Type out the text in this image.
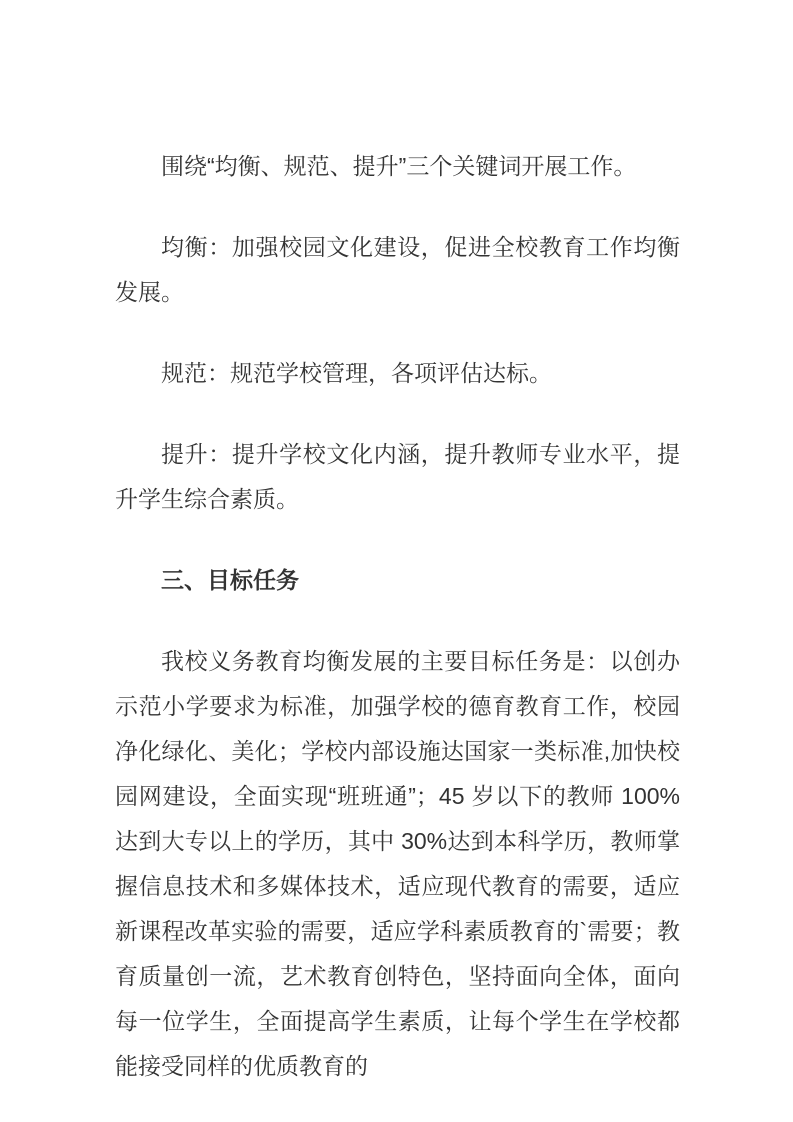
围绕“均衡、规范、提升”三个关键词开展工作。

均衡：加强校园文化建设，促进全校教育工作均衡发展。

规范：规范学校管理，各项评估达标。

提升：提升学校文化内涵，提升教师专业水平，提升学生综合素质。

三、目标任务

我校义务教育均衡发展的主要目标任务是：以创办示范小学要求为标准，加强学校的德育教育工作，校园净化绿化、美化；学校内部设施达国家一类标准,加快校园网建设，全面实现“班班通”；45 岁以下的教师 100%达到大专以上的学历，其中 30%达到本科学历，教师掌握信息技术和多媒体技术，适应现代教育的需要，适应新课程改革实验的需要，适应学科素质教育的`需要；教育质量创一流，艺术教育创特色，坚持面向全体，面向每一位学生，全面提高学生素质，让每个学生在学校都能接受同样的优质教育的
